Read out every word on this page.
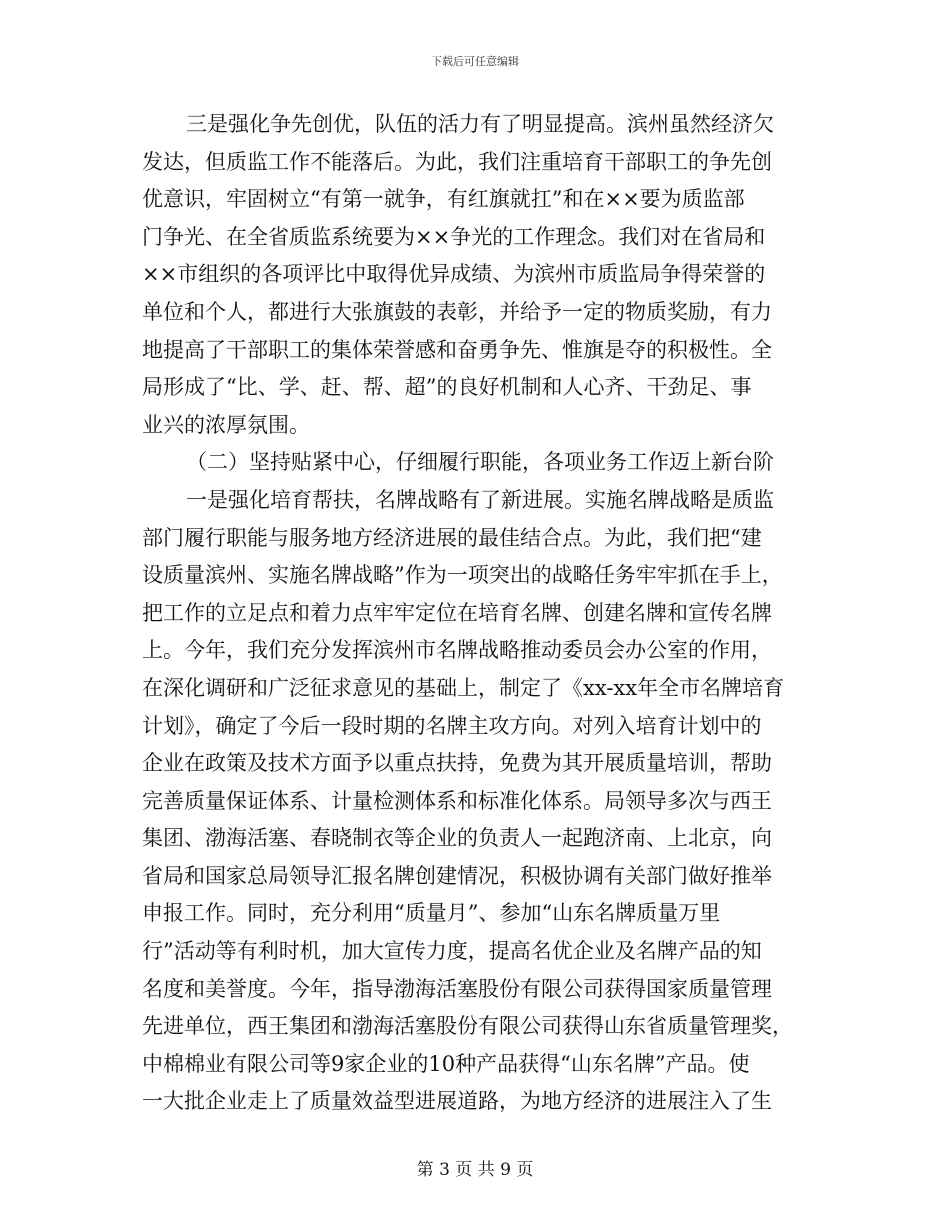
下载后可任意编辑
三是强化争先创优，队伍的活力有了明显提高。滨州虽然经济欠
发达，但质监工作不能落后。为此，我们注重培育干部职工的争先创
优意识，牢固树立“有第一就争，有红旗就扛”和在××要为质监部
门争光、在全省质监系统要为××争光的工作理念。我们对在省局和
××市组织的各项评比中取得优异成绩、为滨州市质监局争得荣誉的
单位和个人，都进行大张旗鼓的表彰，并给予一定的物质奖励，有力
地提高了干部职工的集体荣誉感和奋勇争先、惟旗是夺的积极性。全
局形成了“比、学、赶、帮、超”的良好机制和人心齐、干劲足、事
业兴的浓厚氛围。
（二）坚持贴紧中心，仔细履行职能，各项业务工作迈上新台阶
一是强化培育帮扶，名牌战略有了新进展。实施名牌战略是质监
部门履行职能与服务地方经济进展的最佳结合点。为此，我们把“建
设质量滨州、实施名牌战略”作为一项突出的战略任务牢牢抓在手上，
把工作的立足点和着力点牢牢定位在培育名牌、创建名牌和宣传名牌
上。今年，我们充分发挥滨州市名牌战略推动委员会办公室的作用，
在深化调研和广泛征求意见的基础上，制定了《xx-xx年全市名牌培育
计划》，确定了今后一段时期的名牌主攻方向。对列入培育计划中的
企业在政策及技术方面予以重点扶持，免费为其开展质量培训，帮助
完善质量保证体系、计量检测体系和标准化体系。局领导多次与西王
集团、渤海活塞、春晓制衣等企业的负责人一起跑济南、上北京，向
省局和国家总局领导汇报名牌创建情况，积极协调有关部门做好推举
申报工作。同时，充分利用“质量月”、参加“山东名牌质量万里
行”活动等有利时机，加大宣传力度，提高名优企业及名牌产品的知
名度和美誉度。今年，指导渤海活塞股份有限公司获得国家质量管理
先进单位，西王集团和渤海活塞股份有限公司获得山东省质量管理奖，
中棉棉业有限公司等9家企业的10种产品获得“山东名牌”产品。使
一大批企业走上了质量效益型进展道路，为地方经济的进展注入了生
第 3 页 共 9 页
